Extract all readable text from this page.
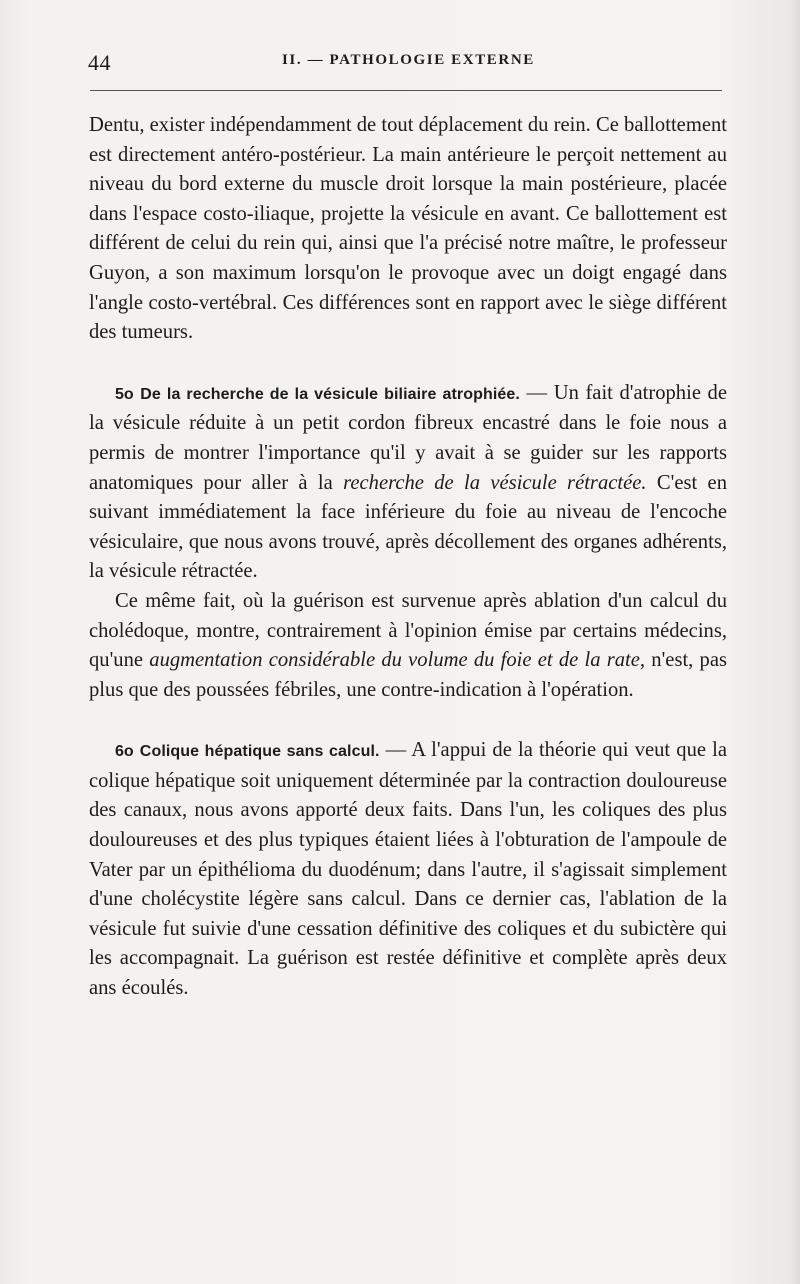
44	II. — PATHOLOGIE EXTERNE

Dentu, exister indépendamment de tout déplacement du rein. Ce ballottement est directement antéro-postérieur. La main antérieure le perçoit nettement au niveau du bord externe du muscle droit lorsque la main postérieure, placée dans l'espace costo-iliaque, projette la vésicule en avant. Ce ballottement est différent de celui du rein qui, ainsi que l'a précisé notre maître, le professeur Guyon, a son maximum lorsqu'on le provoque avec un doigt engagé dans l'angle costo-vertébral. Ces différences sont en rapport avec le siège différent des tumeurs.

5o De la recherche de la vésicule biliaire atrophiée. — Un fait d'atrophie de la vésicule réduite à un petit cordon fibreux encastré dans le foie nous a permis de montrer l'importance qu'il y avait à se guider sur les rapports anatomiques pour aller à la recherche de la vésicule rétractée. C'est en suivant immédiatement la face inférieure du foie au niveau de l'encoche vésiculaire, que nous avons trouvé, après décollement des organes adhérents, la vésicule rétractée.

Ce même fait, où la guérison est survenue après ablation d'un calcul du cholédoque, montre, contrairement à l'opinion émise par certains médecins, qu'une augmentation considérable du volume du foie et de la rate, n'est, pas plus que des poussées fébriles, une contre-indication à l'opération.

6o Colique hépatique sans calcul. — A l'appui de la théorie qui veut que la colique hépatique soit uniquement déterminée par la contraction douloureuse des canaux, nous avons apporté deux faits. Dans l'un, les coliques des plus douloureuses et des plus typiques étaient liées à l'obturation de l'ampoule de Vater par un épithélioma du duodénum; dans l'autre, il s'agissait simplement d'une cholécystite légère sans calcul. Dans ce dernier cas, l'ablation de la vésicule fut suivie d'une cessation définitive des coliques et du subictère qui les accompagnait. La guérison est restée définitive et complète après deux ans écoulés.
